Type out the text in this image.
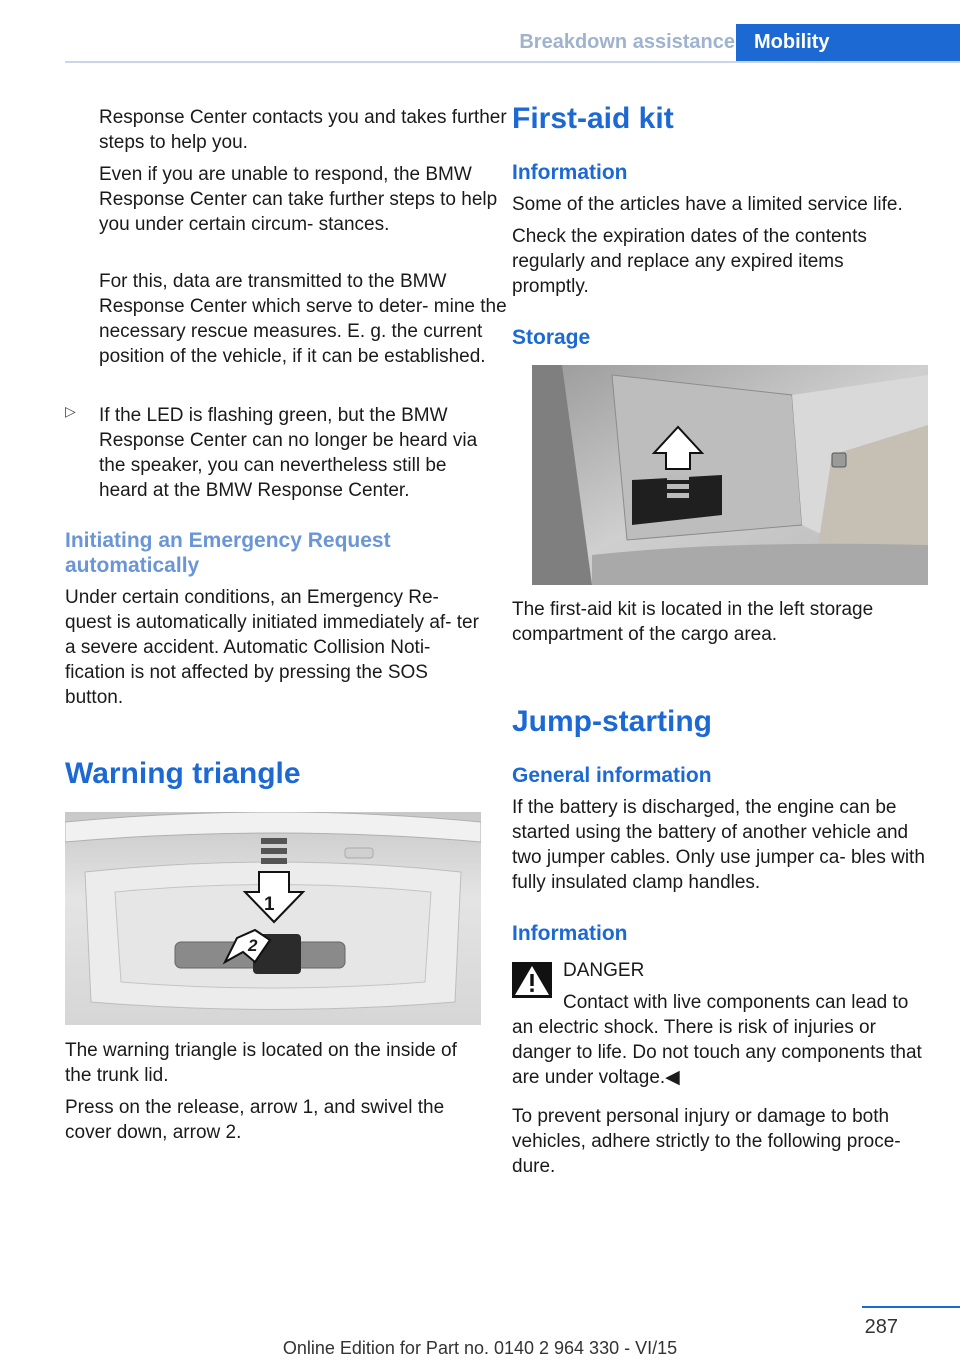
Breakdown assistance Mobility

Response Center contacts you and takes further steps to help you.

Even if you are unable to respond, the BMW Response Center can take further steps to help you under certain circum‐ stances.

For this, data are transmitted to the BMW Response Center which serve to deter‐ mine the necessary rescue measures. E. g. the current position of the vehicle, if it can be established.

▷ If the LED is flashing green, but the BMW Response Center can no longer be heard via the speaker, you can nevertheless still be heard at the BMW Response Center.

Initiating an Emergency Request automatically

Under certain conditions, an Emergency Re‐ quest is automatically initiated immediately af‐ ter a severe accident. Automatic Collision Noti‐ fication is not affected by pressing the SOS button.

Warning triangle
1
2

The warning triangle is located on the inside of the trunk lid.

Press on the release, arrow 1, and swivel the cover down, arrow 2.

First-aid kit
Information

Some of the articles have a limited service life.

Check the expiration dates of the contents regularly and replace any expired items promptly.

Storage

The first-aid kit is located in the left storage compartment of the cargo area.

Jump-starting
General information

If the battery is discharged, the engine can be started using the battery of another vehicle and two jumper cables. Only use jumper ca‐ bles with fully insulated clamp handles.

Information
DANGER

Contact with live components can lead to an electric shock. There is risk of injuries or danger to life. Do not touch any components that are under voltage.◀

To prevent personal injury or damage to both vehicles, adhere strictly to the following proce‐ dure.

287
Online Edition for Part no. 0140 2 964 330 - VI/15
